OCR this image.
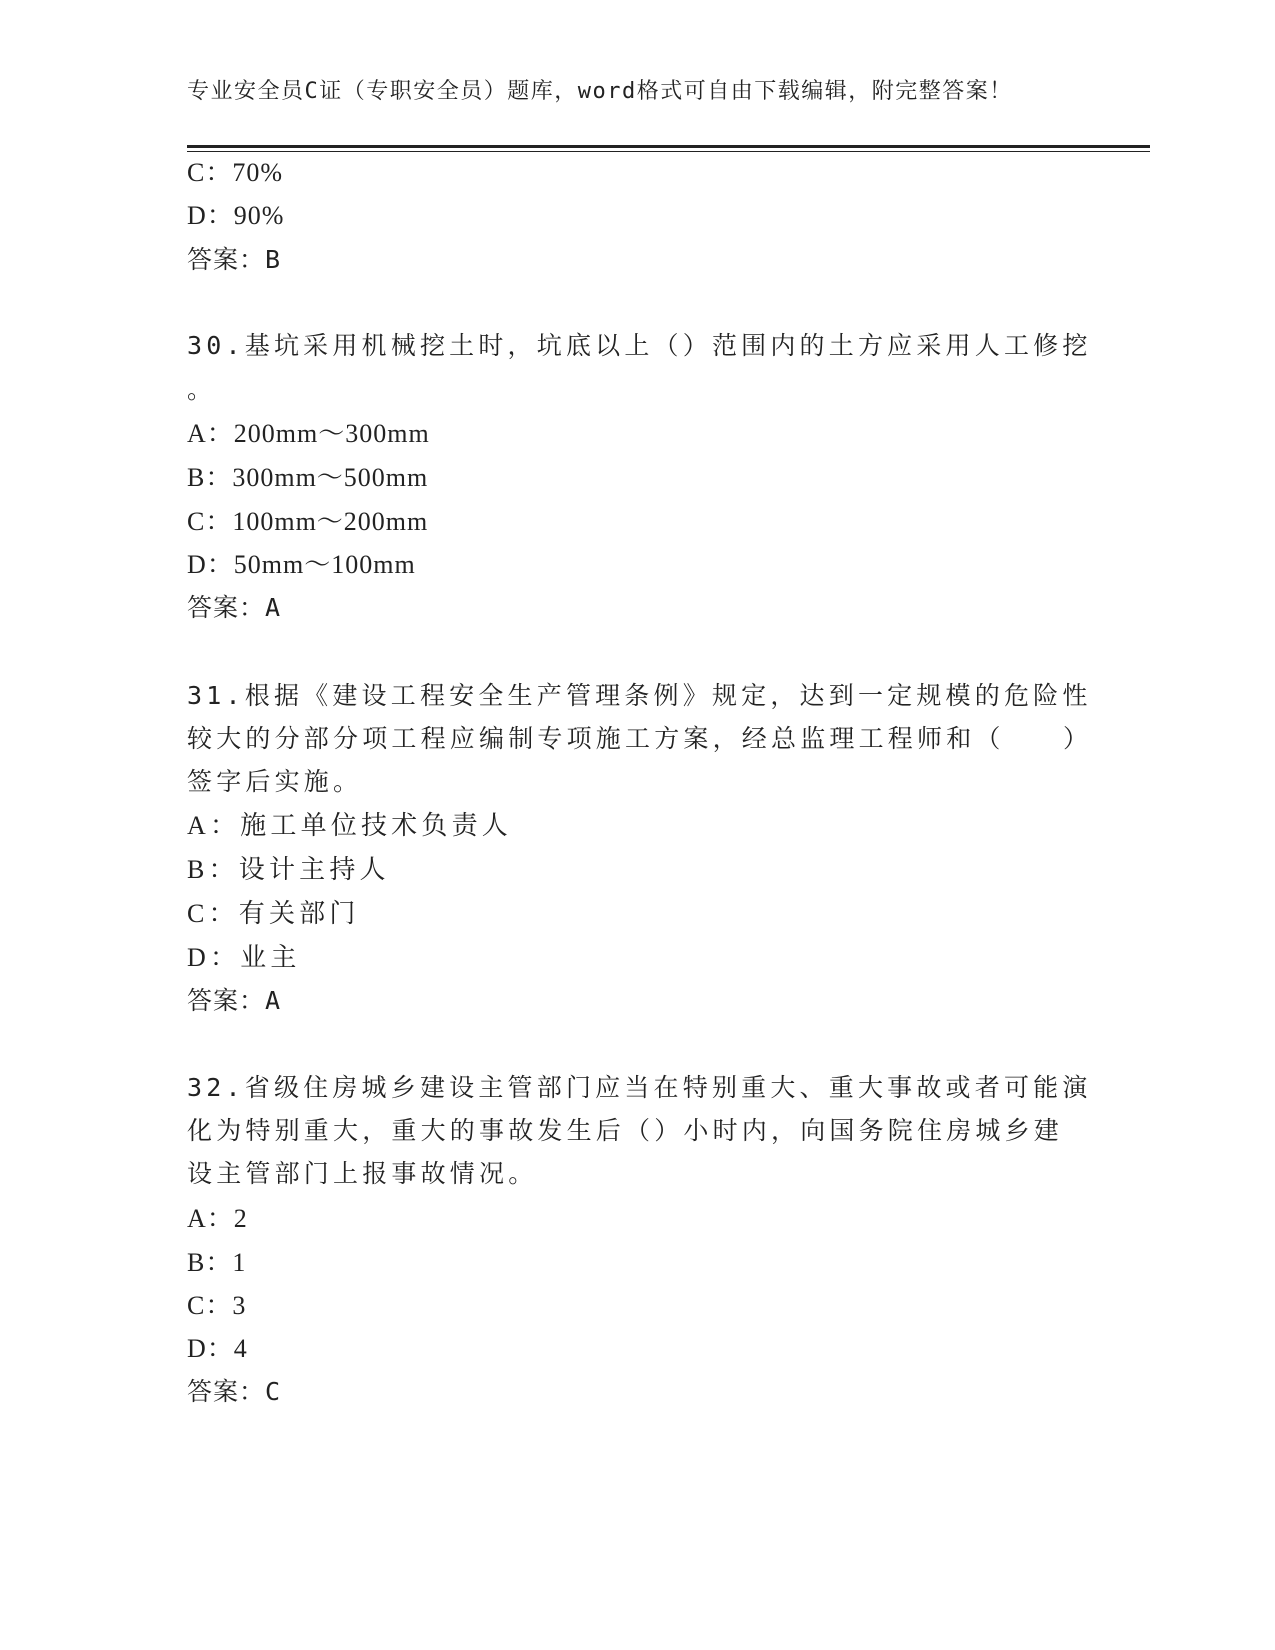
专业安全员C证（专职安全员）题库，word格式可自由下载编辑，附完整答案！
C：70%
D：90%
答案：B
30.基坑采用机械挖土时，坑底以上（）范围内的土方应采用人工修挖
。
A：200mm～300mm
B：300mm～500mm
C：100mm～200mm
D：50mm～100mm
答案：A
31.根据《建设工程安全生产管理条例》规定，达到一定规模的危险性
较大的分部分项工程应编制专项施工方案，经总监理工程师和（　　）
签字后实施。
A：施工单位技术负责人
B：设计主持人
C：有关部门
D：业主
答案：A
32.省级住房城乡建设主管部门应当在特别重大、重大事故或者可能演
化为特别重大，重大的事故发生后（）小时内，向国务院住房城乡建
设主管部门上报事故情况。
A：2
B：1
C：3
D：4
答案：C
